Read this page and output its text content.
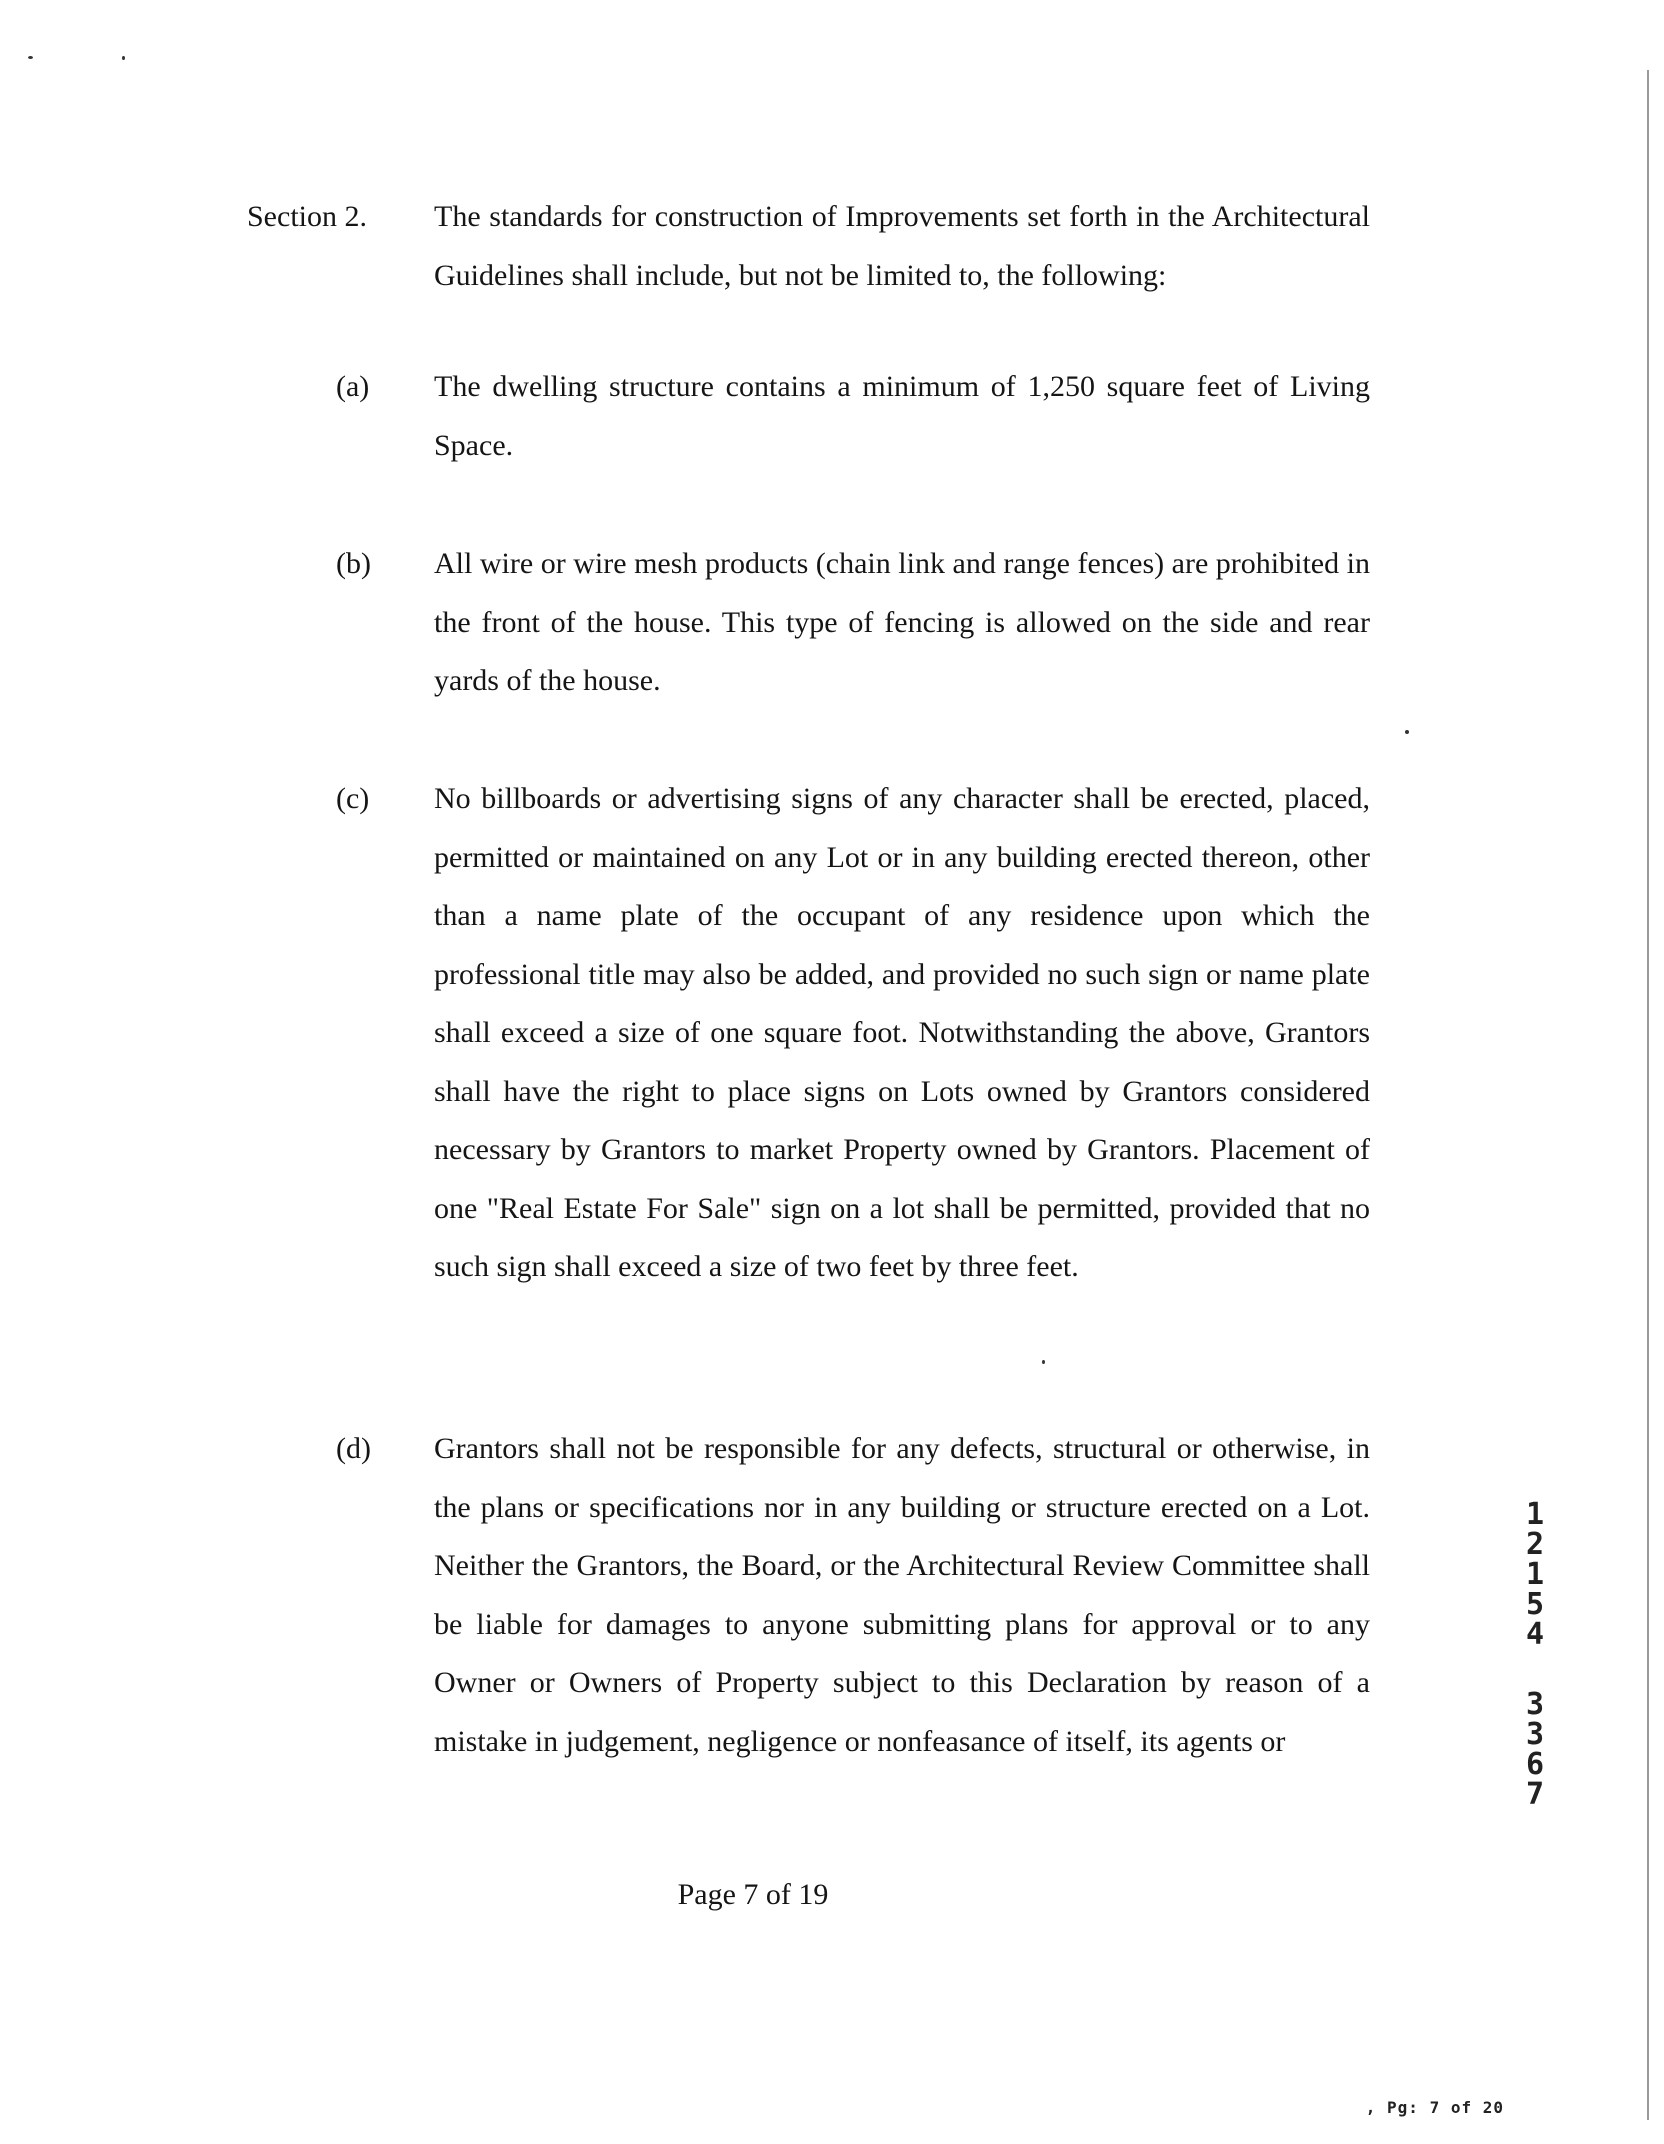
Section 2. The standards for construction of Improvements set forth in the Architectural Guidelines shall include, but not be limited to, the following:
(a) The dwelling structure contains a minimum of 1,250 square feet of Living Space.
(b) All wire or wire mesh products (chain link and range fences) are prohibited in the front of the house. This type of fencing is allowed on the side and rear yards of the house.
(c) No billboards or advertising signs of any character shall be erected, placed, permitted or maintained on any Lot or in any building erected thereon, other than a name plate of the occupant of any residence upon which the professional title may also be added, and provided no such sign or name plate shall exceed a size of one square foot. Notwithstanding the above, Grantors shall have the right to place signs on Lots owned by Grantors considered necessary by Grantors to market Property owned by Grantors. Placement of one "Real Estate For Sale" sign on a lot shall be permitted, provided that no such sign shall exceed a size of two feet by three feet.
(d) Grantors shall not be responsible for any defects, structural or otherwise, in the plans or specifications nor in any building or structure erected on a Lot. Neither the Grantors, the Board, or the Architectural Review Committee shall be liable for damages to anyone submitting plans for approval or to any Owner or Owners of Property subject to this Declaration by reason of a mistake in judgement, negligence or nonfeasance of itself, its agents or
Page 7 of 19
1 2 1 5 4
3 3 6 7
, Pg: 7 of 20
